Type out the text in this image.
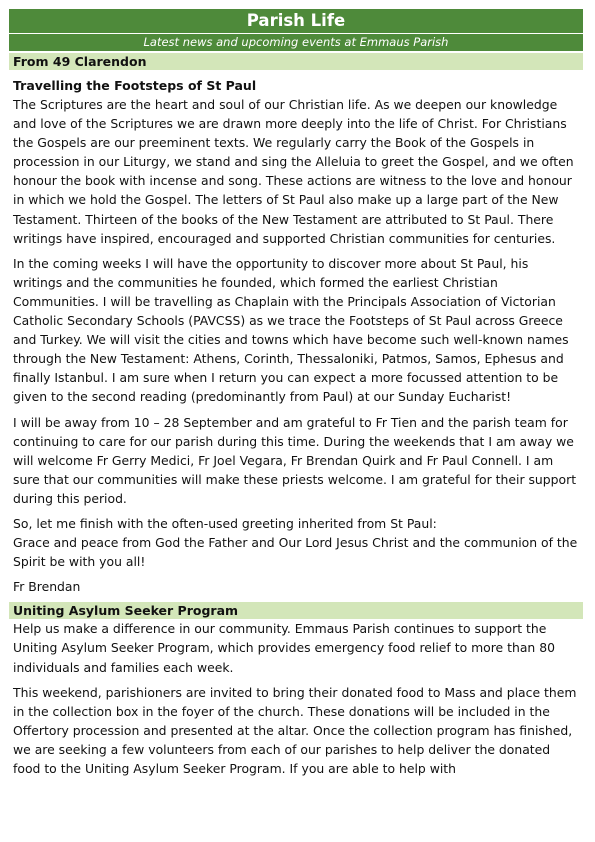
Parish Life
Latest news and upcoming events at Emmaus Parish
From 49 Clarendon
Travelling the Footsteps of St Paul

The Scriptures are the heart and soul of our Christian life. As we deepen our knowledge and love of the Scriptures we are drawn more deeply into the life of Christ. For Christians the Gospels are our preeminent texts. We regularly carry the Book of the Gospels in procession in our Liturgy, we stand and sing the Alleluia to greet the Gospel, and we often honour the book with incense and song. These actions are witness to the love and honour in which we hold the Gospel. The letters of St Paul also make up a large part of the New Testament. Thirteen of the books of the New Testament are attributed to St Paul. There writings have inspired, encouraged and supported Christian communities for centuries.

In the coming weeks I will have the opportunity to discover more about St Paul, his writings and the communities he founded, which formed the earliest Christian Communities. I will be travelling as Chaplain with the Principals Association of Victorian Catholic Secondary Schools (PAVCSS) as we trace the Footsteps of St Paul across Greece and Turkey. We will visit the cities and towns which have become such well-known names through the New Testament: Athens, Corinth, Thessaloniki, Patmos, Samos, Ephesus and finally Istanbul. I am sure when I return you can expect a more focussed attention to be given to the second reading (predominantly from Paul) at our Sunday Eucharist!

I will be away from 10 – 28 September and am grateful to Fr Tien and the parish team for continuing to care for our parish during this time. During the weekends that I am away we will welcome Fr Gerry Medici, Fr Joel Vegara, Fr Brendan Quirk and Fr Paul Connell. I am sure that our communities will make these priests welcome. I am grateful for their support during this period.

So, let me finish with the often-used greeting inherited from St Paul:

Grace and peace from God the Father and Our Lord Jesus Christ and the communion of the Spirit be with you all!

Fr Brendan

Uniting Asylum Seeker Program

Help us make a difference in our community. Emmaus Parish continues to support the Uniting Asylum Seeker Program, which provides emergency food relief to more than 80 individuals and families each week.

This weekend, parishioners are invited to bring their donated food to Mass and place them in the collection box in the foyer of the church. These donations will be included in the Offertory procession and presented at the altar. Once the collection program has finished, we are seeking a few volunteers from each of our parishes to help deliver the donated food to the Uniting Asylum Seeker Program. If you are able to help with
